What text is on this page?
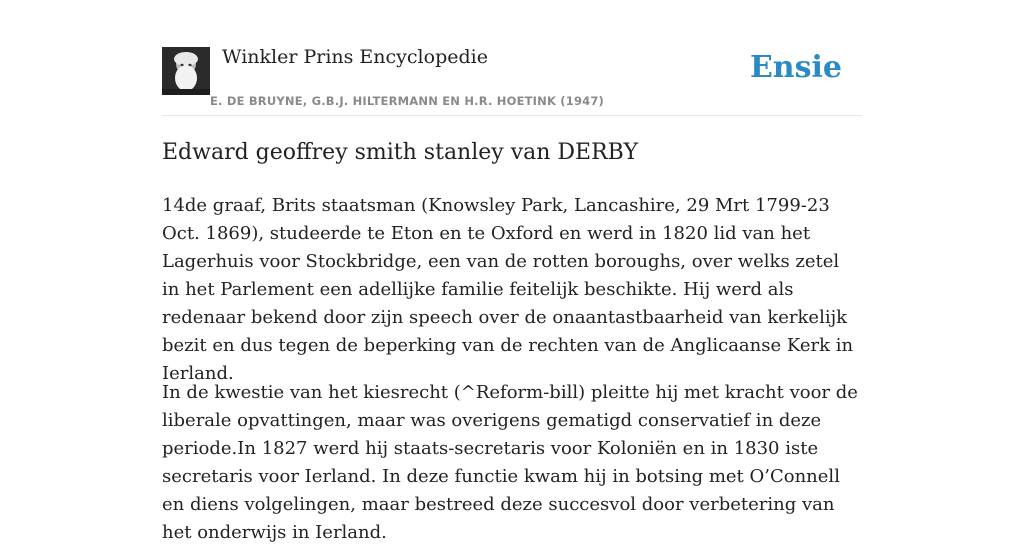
Winkler Prins Encyclopedie
E. DE BRUYNE, G.B.J. HILTERMANN EN H.R. HOETINK (1947)
Ensie
Edward geoffrey smith stanley van DERBY

14de graaf, Brits staatsman (Knowsley Park, Lancashire, 29 Mrt 1799-23 Oct. 1869), studeerde te Eton en te Oxford en werd in 1820 lid van het Lagerhuis voor Stockbridge, een van de rotten boroughs, over welks zetel in het Parlement een adellijke familie feitelijk beschikte. Hij werd als redenaar bekend door zijn speech over de onaantastbaarheid van kerkelijk bezit en dus tegen de beperking van de rechten van de Anglicaanse Kerk in Ierland.

In de kwestie van het kiesrecht (^Reform-bill) pleitte hij met kracht voor de liberale opvattingen, maar was overigens gematigd conservatief in deze periode.In 1827 werd hij staats-secretaris voor Koloniën en in 1830 iste secretaris voor Ierland. In deze functie kwam hij in botsing met O’Connell en diens volgelingen, maar bestreed deze succesvol door verbetering van het onderwijs in Ierland.
